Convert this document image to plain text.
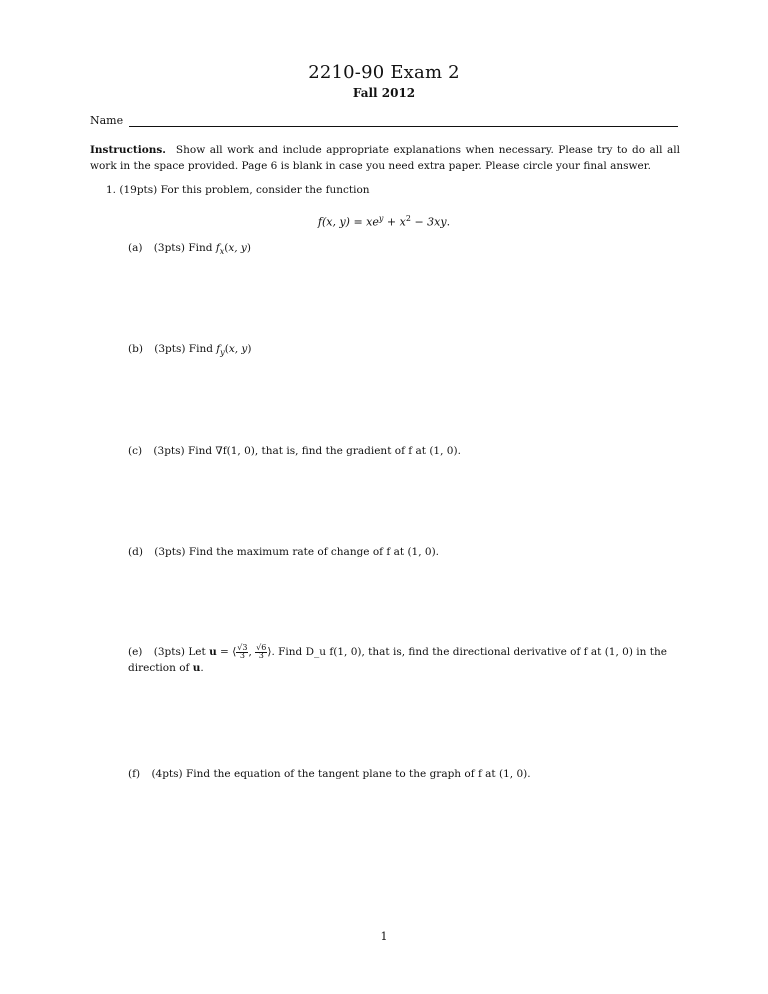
2210-90 Exam 2
Fall 2012
Name
Instructions. Show all work and include appropriate explanations when necessary. Please try to do all all work in the space provided. Page 6 is blank in case you need extra paper. Please circle your final answer.
1. (19pts) For this problem, consider the function
f(x, $y) = xe^y + x^2 - 3xy$.
(a) (3pts) Find $f_x(x$, y)
(b) (3pts) Find $f_y(x$, y)
(c) (3pts) Find ∇f(1, 0), that is, find the gradient of f at (1, 0).
(d) (3pts) Find the maximum rate of change of f at (1, 0).
(e) (3pts) Let $u = ⟨\frac{√3}{3}$, $\frac{√6}{3}⟩$. Find D_u f(1, 0), that is, find the directional derivative of f at (1, 0) in the direction of u.
(f) (4pts) Find the equation of the tangent plane to the graph of f at (1, 0).
1
